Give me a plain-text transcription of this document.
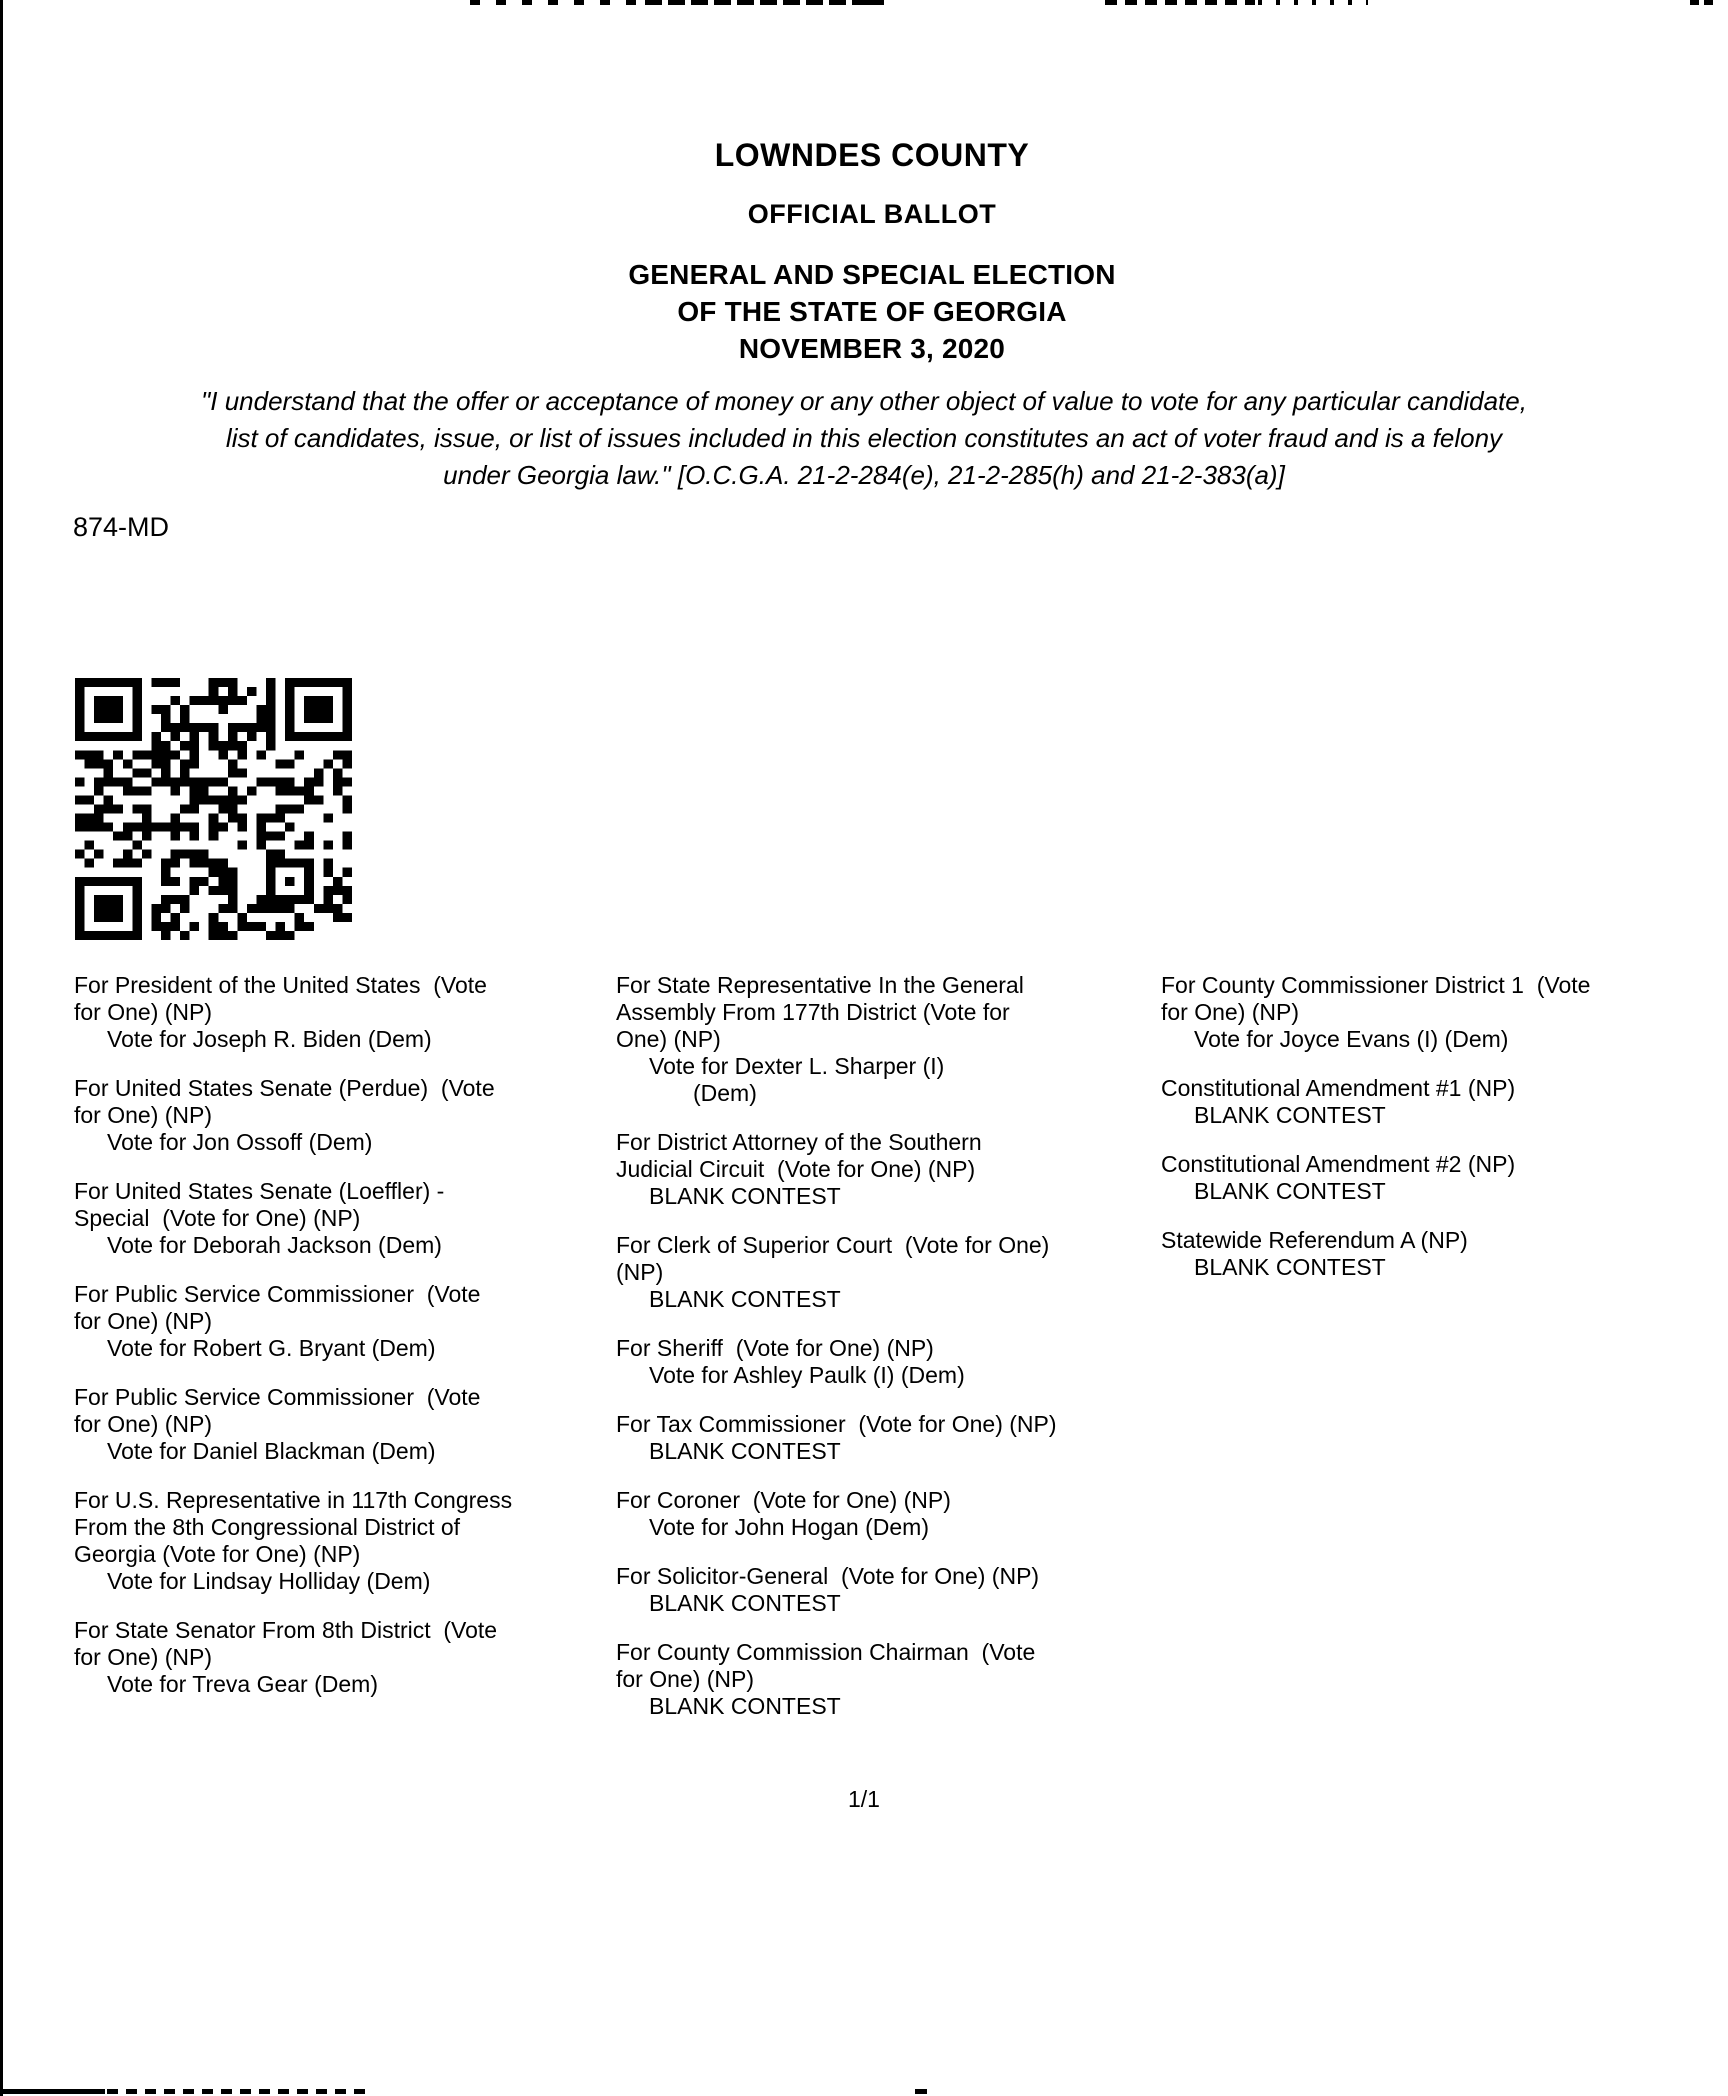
LOWNDES COUNTY
OFFICIAL BALLOT
GENERAL AND SPECIAL ELECTION
OF THE STATE OF GEORGIA
NOVEMBER 3, 2020
"I understand that the offer or acceptance of money or any other object of value to vote for any particular candidate,
list of candidates, issue, or list of issues included in this election constitutes an act of voter fraud and is a felony
under Georgia law." [O.C.G.A. 21-2-284(e), 21-2-285(h) and 21-2-383(a)]
874-MD
For President of the United States  (Vote
for One) (NP)
Vote for Joseph R. Biden (Dem)
For United States Senate (Perdue)  (Vote
for One) (NP)
Vote for Jon Ossoff (Dem)
For United States Senate (Loeffler) -
Special  (Vote for One) (NP)
Vote for Deborah Jackson (Dem)
For Public Service Commissioner  (Vote
for One) (NP)
Vote for Robert G. Bryant (Dem)
For Public Service Commissioner  (Vote
for One) (NP)
Vote for Daniel Blackman (Dem)
For U.S. Representative in 117th Congress
From the 8th Congressional District of
Georgia (Vote for One) (NP)
Vote for Lindsay Holliday (Dem)
For State Senator From 8th District  (Vote
for One) (NP)
Vote for Treva Gear (Dem)
For State Representative In the General
Assembly From 177th District (Vote for
One) (NP)
Vote for Dexter L. Sharper (I)
(Dem)
For District Attorney of the Southern
Judicial Circuit  (Vote for One) (NP)
BLANK CONTEST
For Clerk of Superior Court  (Vote for One)
(NP)
BLANK CONTEST
For Sheriff  (Vote for One) (NP)
Vote for Ashley Paulk (I) (Dem)
For Tax Commissioner  (Vote for One) (NP)
BLANK CONTEST
For Coroner  (Vote for One) (NP)
Vote for John Hogan (Dem)
For Solicitor-General  (Vote for One) (NP)
BLANK CONTEST
For County Commission Chairman  (Vote
for One) (NP)
BLANK CONTEST
For County Commissioner District 1  (Vote
for One) (NP)
Vote for Joyce Evans (I) (Dem)
Constitutional Amendment #1 (NP)
BLANK CONTEST
Constitutional Amendment #2 (NP)
BLANK CONTEST
Statewide Referendum A (NP)
BLANK CONTEST
1/1
